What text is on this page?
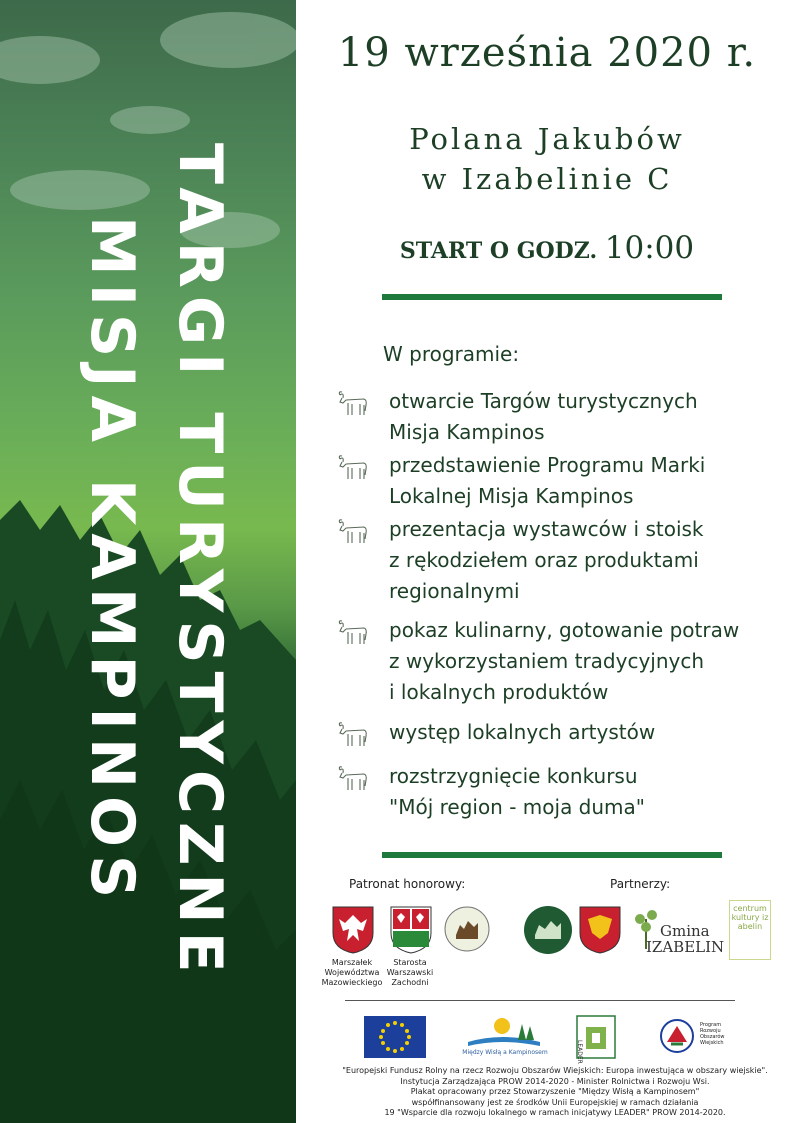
TARGI TURYSTYCZNE
MISJA KAMPINOS
19 września 2020 r.
Polana Jakubów
w Izabelinie C
START O GODZ. 10:00
W programie:
otwarcie Targów turystycznych
Misja Kampinos
przedstawienie Programu Marki
Lokalnej Misja Kampinos
prezentacja wystawców i stoisk
z rękodziełem oraz produktami
regionalnymi
pokaz kulinarny, gotowanie potraw
z wykorzystaniem tradycyjnych
i lokalnych produktów
występ lokalnych artystów
rozstrzygnięcie konkursu
"Mój region - moja duma"
Patronat honorowy:	Partnerzy:
Marszałek
Województwa
Mazowieckiego
Starosta
Warszawski
Zachodni
Gmina
IZABELIN
centrum kultury izabelin
Między Wisłą a Kampinosem	LEADER
Program Rozwoju Obszarów Wiejskich
"Europejski Fundusz Rolny na rzecz Rozwoju Obszarów Wiejskich: Europa inwestująca w obszary wiejskie".
Instytucja Zarządzająca PROW 2014-2020 - Minister Rolnictwa i Rozwoju Wsi.
Plakat opracowany przez Stowarzyszenie "Między Wisłą a Kampinosem"
współfinansowany jest ze środków Unii Europejskiej w ramach działania
19 "Wsparcie dla rozwoju lokalnego w ramach inicjatywy LEADER" PROW 2014-2020.
